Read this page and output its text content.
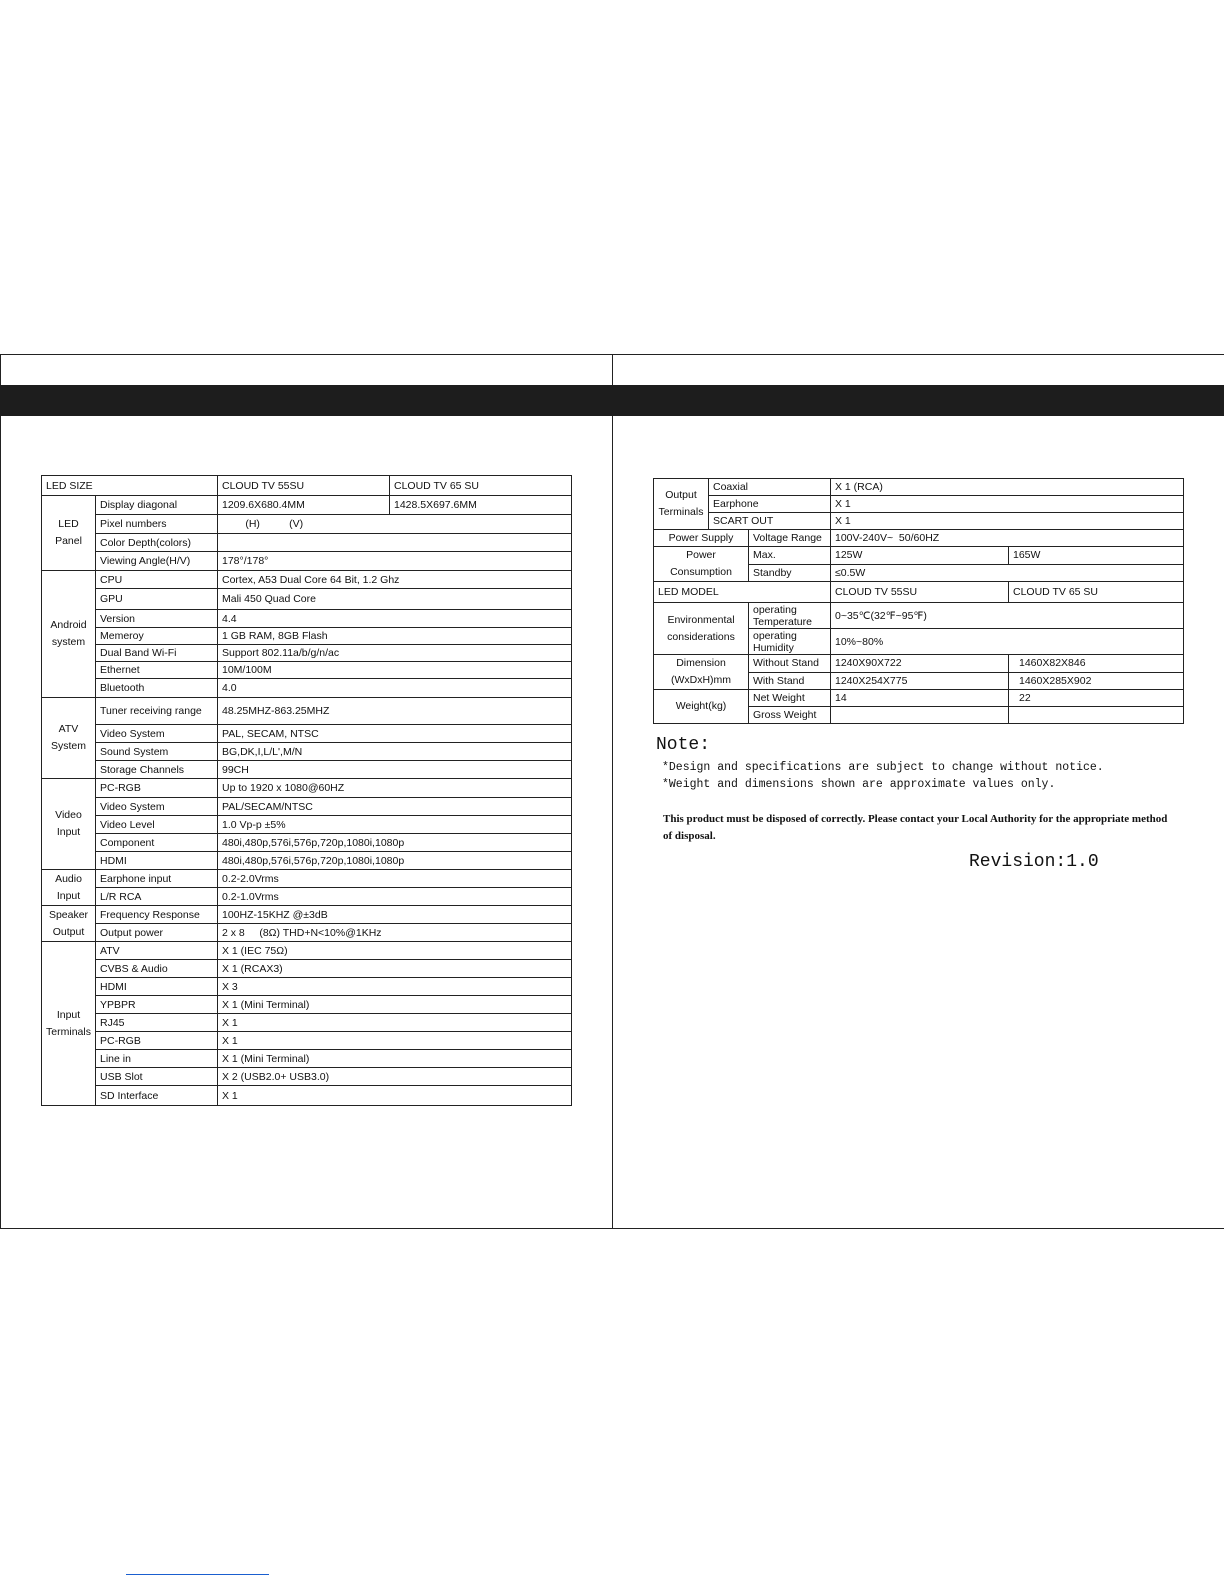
LED SIZE		CLOUD TV 55SU	CLOUD TV 65 SU
LED Panel	Display diagonal	1209.6X680.4MM	1428.5X697.6MM
	Pixel numbers	(H)          (V)	
	Color Depth(colors)		
	Viewing Angle(H/V)	178°/178°	
Android system	CPU	Cortex, A53 Dual Core 64 Bit, 1.2 Ghz	
	GPU	Mali 450 Quad Core	
	Version	4.4	
	Memeroy	1 GB RAM, 8GB Flash	
	Dual Band Wi-Fi	Support 802.11a/b/g/n/ac	
	Ethernet	10M/100M	
	Bluetooth	4.0	
ATV System	Tuner receiving range	48.25MHZ-863.25MHZ	
	Video System	PAL, SECAM, NTSC	
	Sound System	BG,DK,I,L/L',M/N	
	Storage Channels	99CH	
Video Input	PC-RGB	Up to 1920 x 1080@60HZ	
	Video System	PAL/SECAM/NTSC	
	Video Level	1.0 Vp-p ±5%	
	Component	480i,480p,576i,576p,720p,1080i,1080p	
	HDMI	480i,480p,576i,576p,720p,1080i,1080p	
Audio Input	Earphone input	0.2-2.0Vrms	
	L/R RCA	0.2-1.0Vrms	
Speaker Output	Frequency Response	100HZ-15KHZ @±3dB	
	Output power	2 x 8     (8Ω) THD+N<10%@1KHz	
Input Terminals	ATV	X 1 (IEC 75Ω)	
	CVBS & Audio	X 1 (RCAX3)	
	HDMI	X 3	
	YPBPR	X 1 (Mini Terminal)	
	RJ45	X 1	
	PC-RGB	X 1	
	Line in	X 1 (Mini Terminal)	
	USB Slot	X 2 (USB2.0+ USB3.0)	
	SD Interface	X 1	
Output Terminals	Coaxial		X 1 (RCA)	
	Earphone		X 1	
	SCART OUT		X 1	
Power Supply		Voltage Range	100V-240V~  50/60HZ	
Power Consumption		Max.	125W	165W
		Standby	≤0.5W	
LED MODEL			CLOUD TV 55SU	CLOUD TV 65 SU
Environmental considerations		operating Temperature	0~35℃(32℉~95℉)	
		operating Humidity	10%~80%	
Dimension (WxDxH)mm		Without Stand	1240X90X722	1460X82X846
		With Stand	1240X254X775	1460X285X902
Weight(kg)		Net Weight	14	22
		Gross Weight		
Note:
*Design and specifications are subject to change without notice.
*Weight and dimensions shown are approximate values only.
This product must be disposed of correctly. Please contact your Local Authority for the appropriate method of disposal.
Revision:1.0
